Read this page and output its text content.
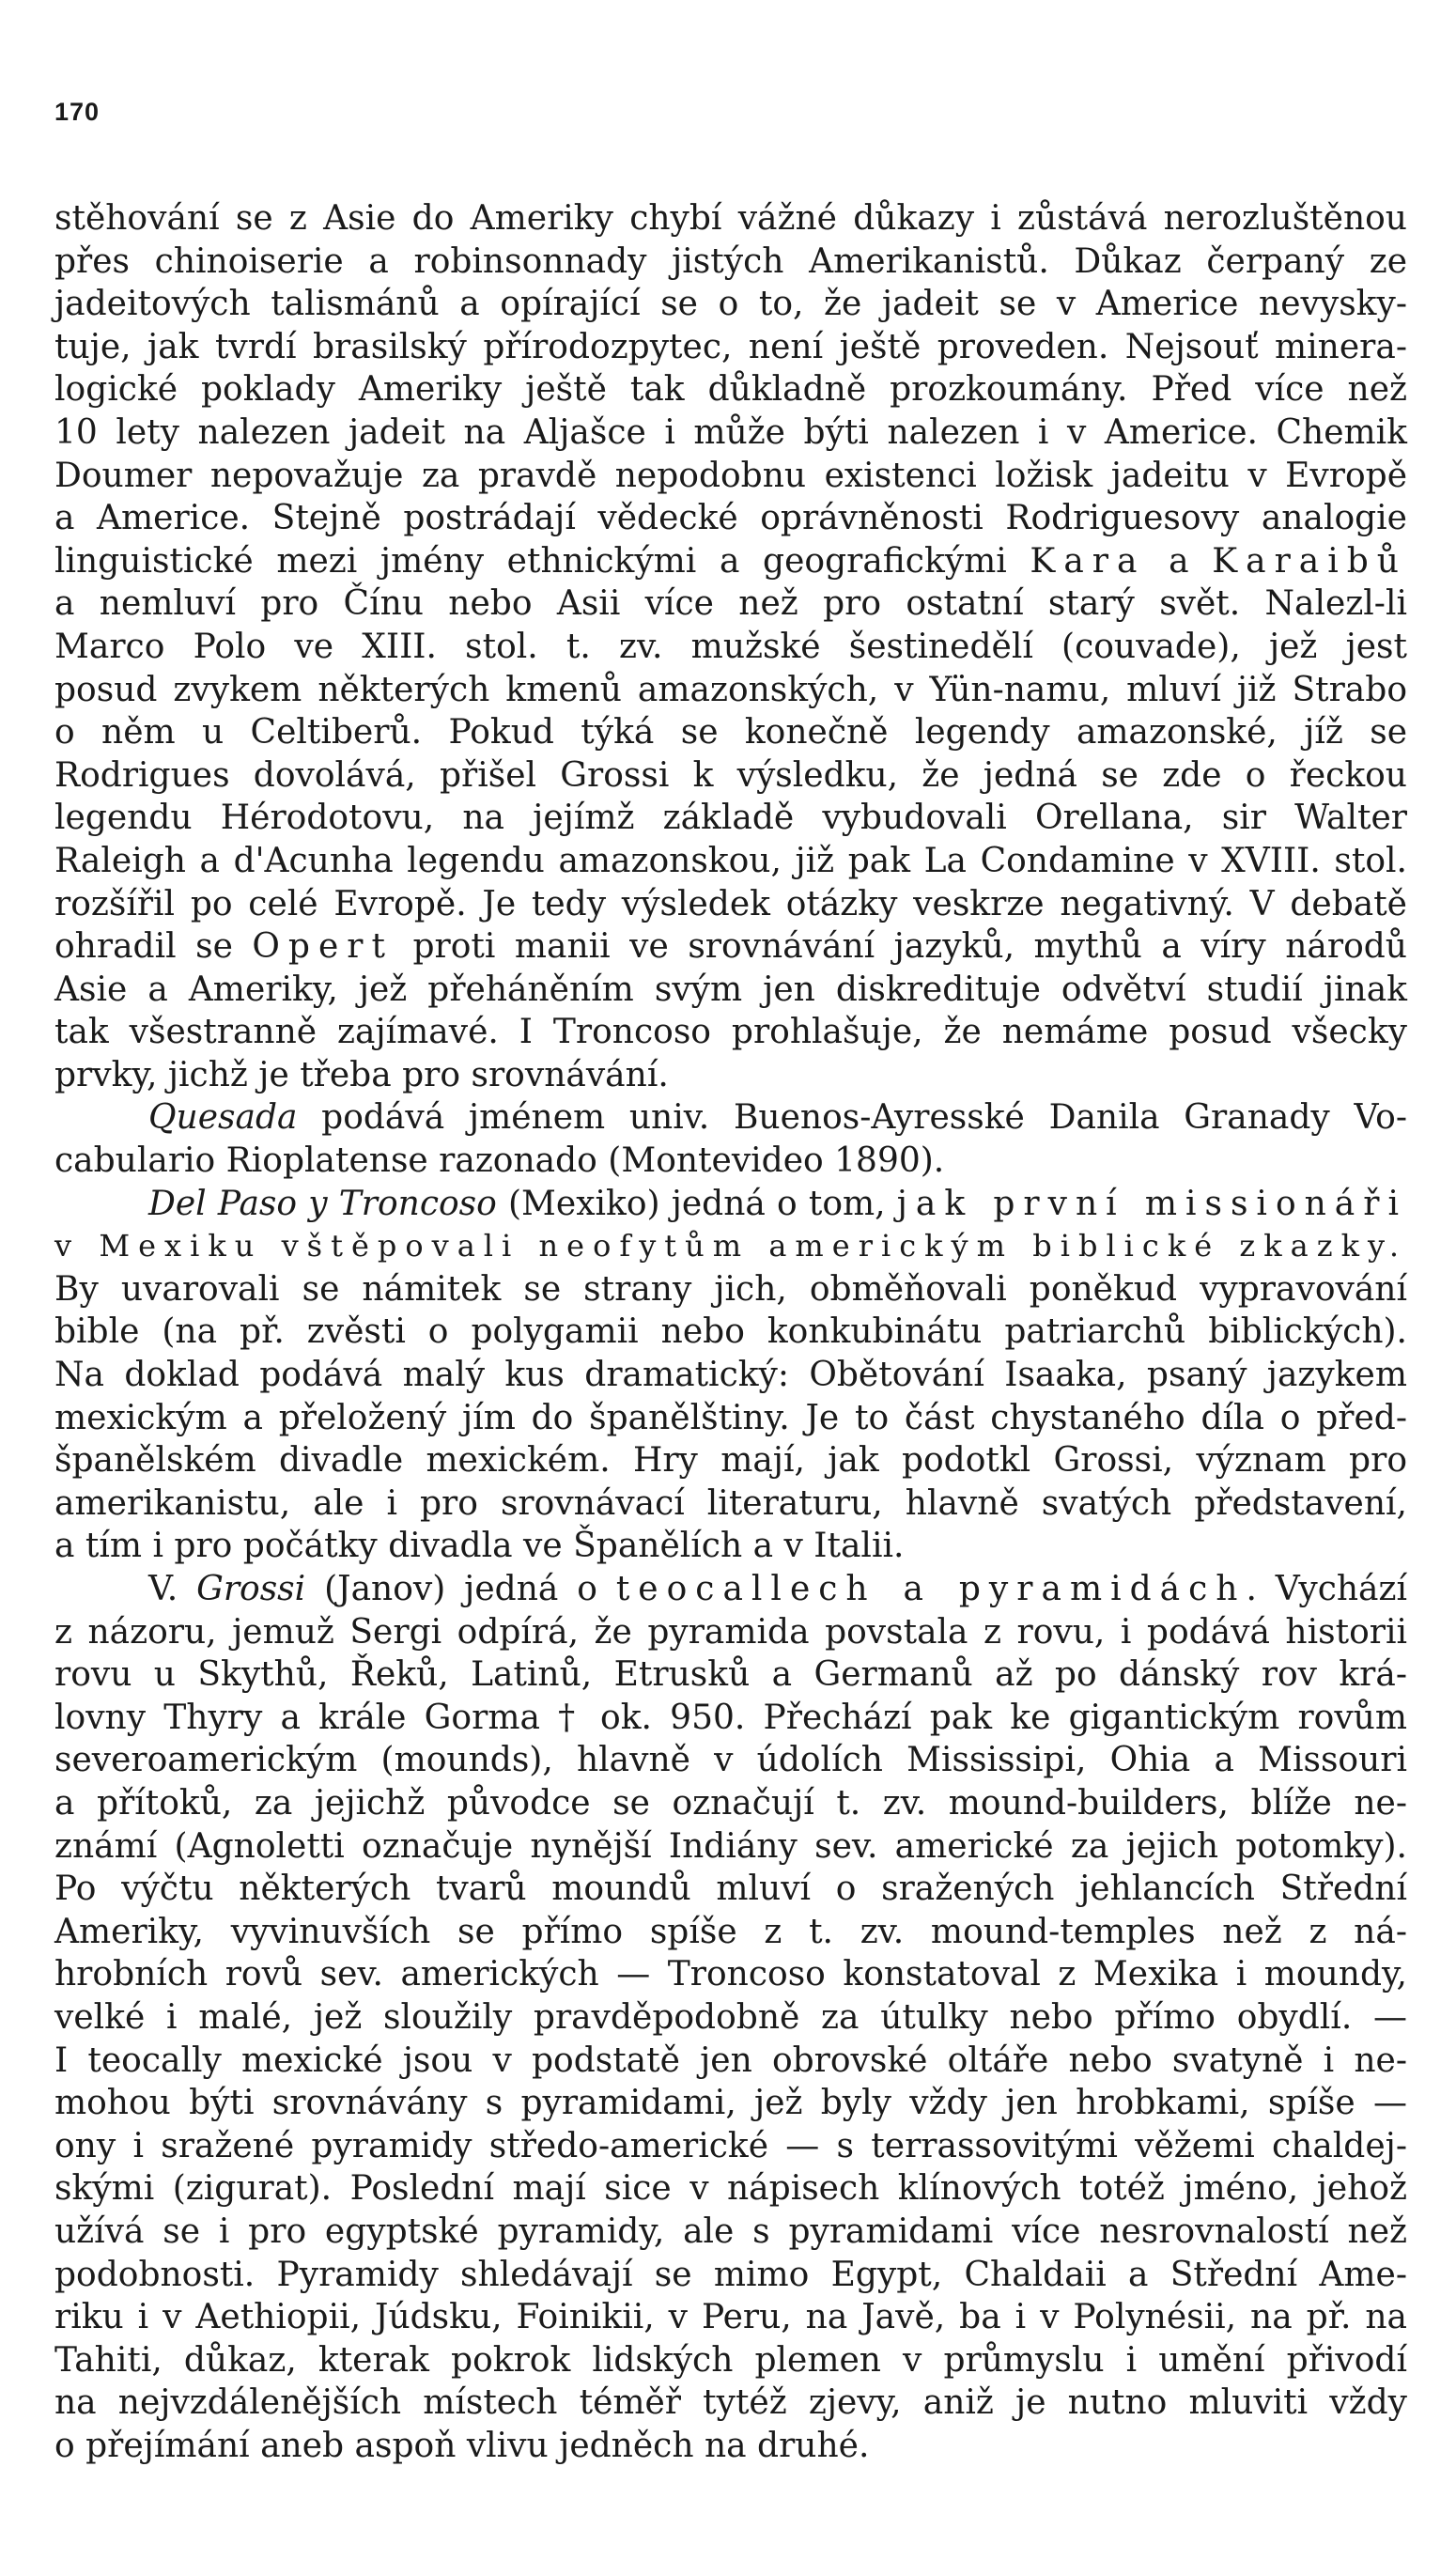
170
stěhování se z Asie do Ameriky chybí vážné důkazy i zůstává nerozluštěnou
přes chinoiserie a robinsonnady jistých Amerikanistů. Důkaz čerpaný ze
jadeitových talismánů a opírající se o to, že jadeit se v Americe nevysky-
tuje, jak tvrdí brasilský přírodozpytec, není ještě proveden. Nejsouť minera-
logické poklady Ameriky ještě tak důkladně prozkoumány. Před více než
10 lety nalezen jadeit na Aljašce i může býti nalezen i v Americe. Chemik
Doumer nepovažuje za pravdě nepodobnu existenci ložisk jadeitu v Evropě
a Americe. Stejně postrádají vědecké oprávněnosti Rodriguesovy analogie
linguistické mezi jmény ethnickými a geografickými Kara a Karaibů
a nemluví pro Čínu nebo Asii více než pro ostatní starý svět. Nalezl-li
Marco Polo ve XIII. stol. t. zv. mužské šestinedělí (couvade), jež jest
posud zvykem některých kmenů amazonských, v Yün-namu, mluví již Strabo
o něm u Celtiberů. Pokud týká se konečně legendy amazonské, jíž se
Rodrigues dovolává, přišel Grossi k výsledku, že jedná se zde o řeckou
legendu Hérodotovu, na jejímž základě vybudovali Orellana, sir Walter
Raleigh a d'Acunha legendu amazonskou, již pak La Condamine v XVIII. stol.
rozšířil po celé Evropě. Je tedy výsledek otázky veskrze negativný. V debatě
ohradil se Opert proti manii ve srovnávání jazyků, mythů a víry národů
Asie a Ameriky, jež přeháněním svým jen diskredituje odvětví studií jinak
tak všestranně zajímavé. I Troncoso prohlašuje, že nemáme posud všecky
prvky, jichž je třeba pro srovnávání.
Quesada podává jménem univ. Buenos-Ayresské Danila Granady Vo-
cabulario Rioplatense razonado (Montevideo 1890).
Del Paso y Troncoso (Mexiko) jedná o tom, jak první missionáři
v Mexiku vštěpovali neofytům americkým biblické zkazky.
By uvarovali se námitek se strany jich, obměňovali poněkud vypravování
bible (na př. zvěsti o polygamii nebo konkubinátu patriarchů biblických).
Na doklad podává malý kus dramatický: Obětování Isaaka, psaný jazykem
mexickým a přeložený jím do španělštiny. Je to část chystaného díla o před-
španělském divadle mexickém. Hry mají, jak podotkl Grossi, význam pro
amerikanistu, ale i pro srovnávací literaturu, hlavně svatých představení,
a tím i pro počátky divadla ve Španělích a v Italii.
V. Grossi (Janov) jedná o teocallech a pyramidách. Vychází
z názoru, jemuž Sergi odpírá, že pyramida povstala z rovu, i podává historii
rovu u Skythů, Řeků, Latinů, Etrusků a Germanů až po dánský rov krá-
lovny Thyry a krále Gorma † ok. 950. Přechází pak ke gigantickým rovům
severoamerickým (mounds), hlavně v údolích Mississipi, Ohia a Missouri
a přítoků, za jejichž původce se označují t. zv. mound-builders, blíže ne-
známí (Agnoletti označuje nynější Indiány sev. americké za jejich potomky).
Po výčtu některých tvarů moundů mluví o sražených jehlancích Střední
Ameriky, vyvinuvších se přímo spíše z t. zv. mound-temples než z ná-
hrobních rovů sev. amerických — Troncoso konstatoval z Mexika i moundy,
velké i malé, jež sloužily pravděpodobně za útulky nebo přímo obydlí. —
I teocally mexické jsou v podstatě jen obrovské oltáře nebo svatyně i ne-
mohou býti srovnávány s pyramidami, jež byly vždy jen hrobkami, spíše —
ony i sražené pyramidy středo-americké — s terrassovitými věžemi chaldej-
skými (zigurat). Poslední mají sice v nápisech klínových totéž jméno, jehož
užívá se i pro egyptské pyramidy, ale s pyramidami více nesrovnalostí než
podobnosti. Pyramidy shledávají se mimo Egypt, Chaldaii a Střední Ame-
riku i v Aethiopii, Júdsku, Foinikii, v Peru, na Javě, ba i v Polynésii, na př. na
Tahiti, důkaz, kterak pokrok lidských plemen v průmyslu i umění přivodí
na nejvzdálenějších místech téměř tytéž zjevy, aniž je nutno mluviti vždy
o přejímání aneb aspoň vlivu jedněch na druhé.
